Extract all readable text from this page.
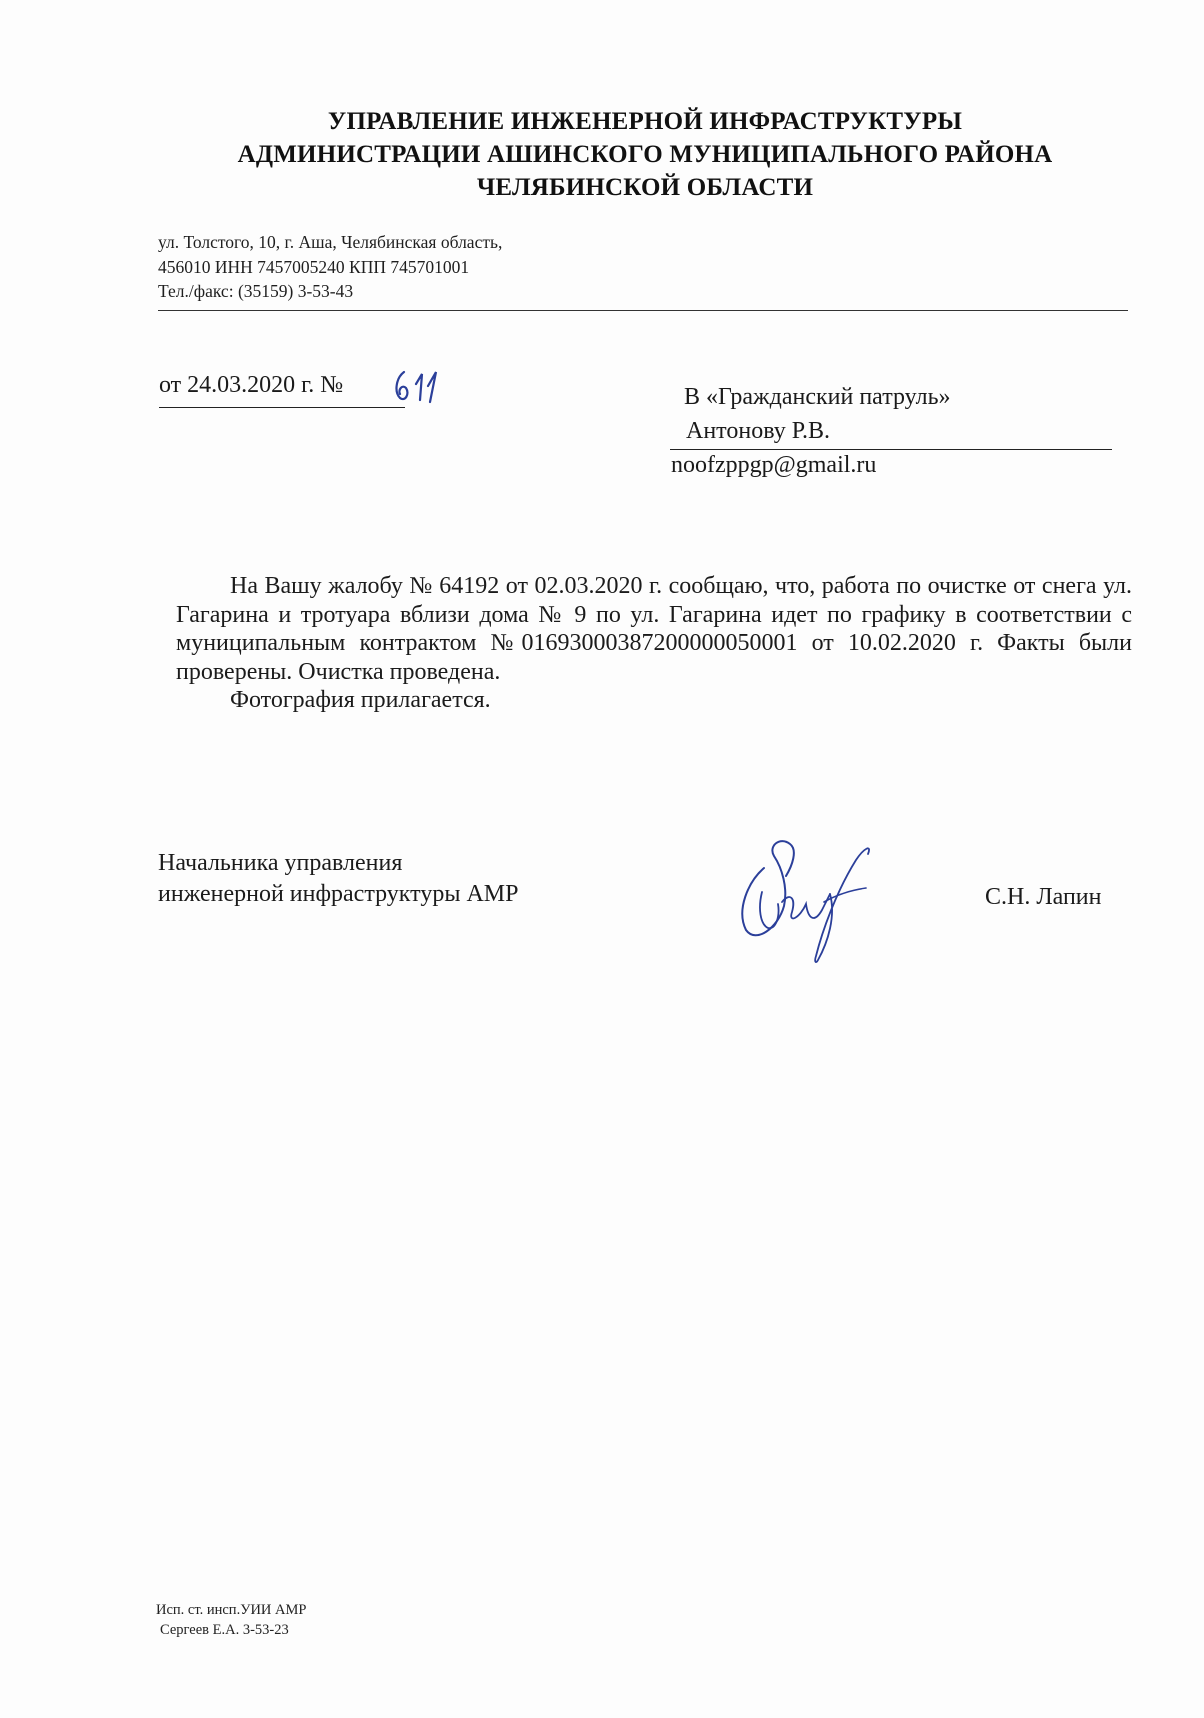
УПРАВЛЕНИЕ ИНЖЕНЕРНОЙ ИНФРАСТРУКТУРЫ
АДМИНИСТРАЦИИ АШИНСКОГО МУНИЦИПАЛЬНОГО РАЙОНА
ЧЕЛЯБИНСКОЙ ОБЛАСТИ
ул. Толстого, 10, г. Аша, Челябинская область,
456010 ИНН 7457005240 КПП 745701001
Тел./факс: (35159) 3-53-43
от 24.03.2020 г. №	В «Гражданский патруль»
Антонову Р.В.
noofzppgp@gmail.ru

На Вашу жалобу № 64192 от 02.03.2020 г. сообщаю, что, работа по очистке от снега ул. Гагарина и тротуара вблизи дома № 9 по ул. Гагарина идет по графику в соответствии с муниципальным контрактом №0169300038720000005000​1 от 10.02.2020 г. Факты были проверены. Очистка проведена.

Фотография прилагается.

Начальника управления
инженерной инфраструктуры АМР	С.Н. Лапин
Исп. ст. инсп.УИИ АМР
Сергеев Е.А. 3-53-23
